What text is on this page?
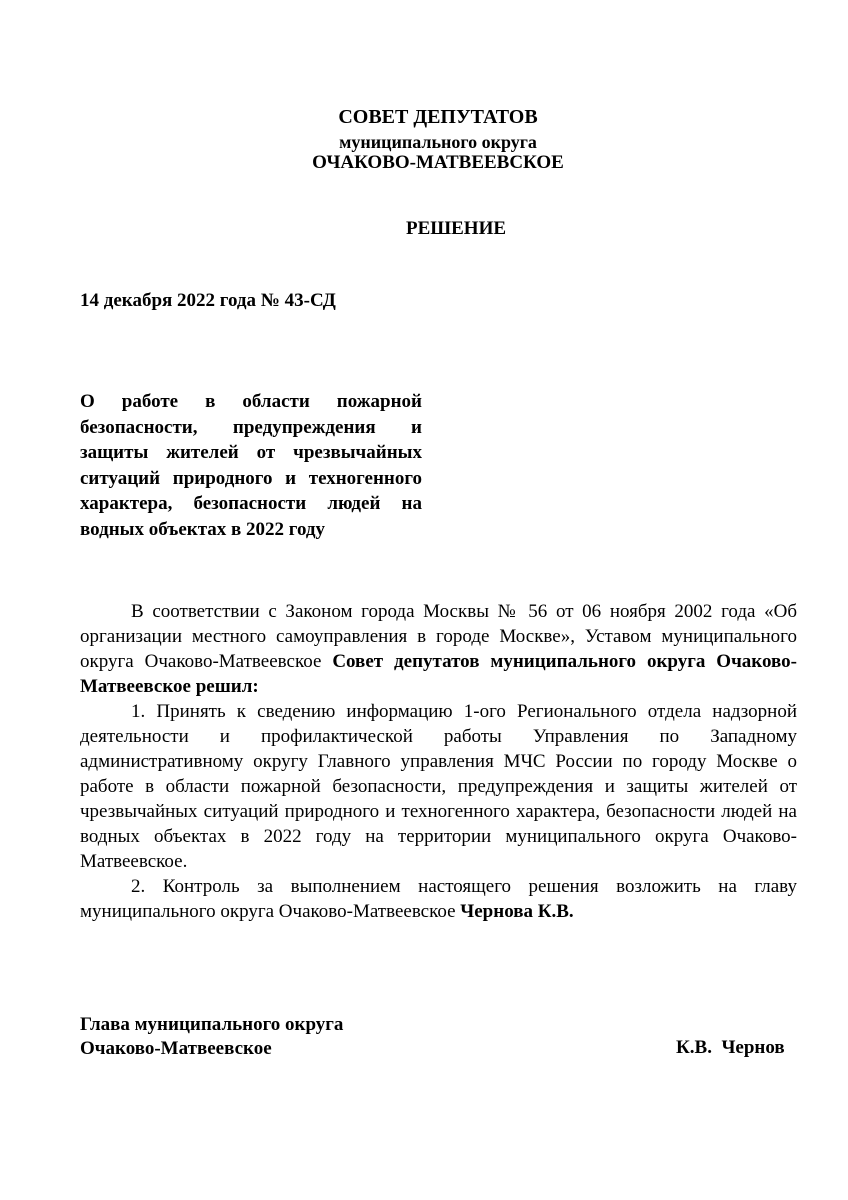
СОВЕТ ДЕПУТАТОВ
муниципального округа
ОЧАКОВО-МАТВЕЕВСКОЕ
РЕШЕНИЕ
14 декабря 2022 года № 43-СД
О работе в области пожарной безопасности, предупреждения и защиты жителей от чрезвычайных ситуаций природного и техногенного характера, безопасности людей на водных объектах в 2022 году

В соответствии с Законом города Москвы № 56 от 06 ноября 2002 года «Об организации местного самоуправления в городе Москве», Уставом муниципального округа Очаково-Матвеевское Совет депутатов муниципального округа Очаково-Матвеевское решил:

1. Принять к сведению информацию 1-ого Регионального отдела надзорной деятельности и профилактической работы Управления по Западному административному округу Главного управления МЧС России по городу Москве о работе в области пожарной безопасности, предупреждения и защиты жителей от чрезвычайных ситуаций природного и техногенного характера, безопасности людей на водных объектах в 2022 году на территории муниципального округа Очаково-Матвеевское.

2. Контроль за выполнением настоящего решения возложить на главу муниципального округа Очаково-Матвеевское Чернова К.В.

Глава муниципального округа
Очаково-Матвеевское	К.В.  Чернов
